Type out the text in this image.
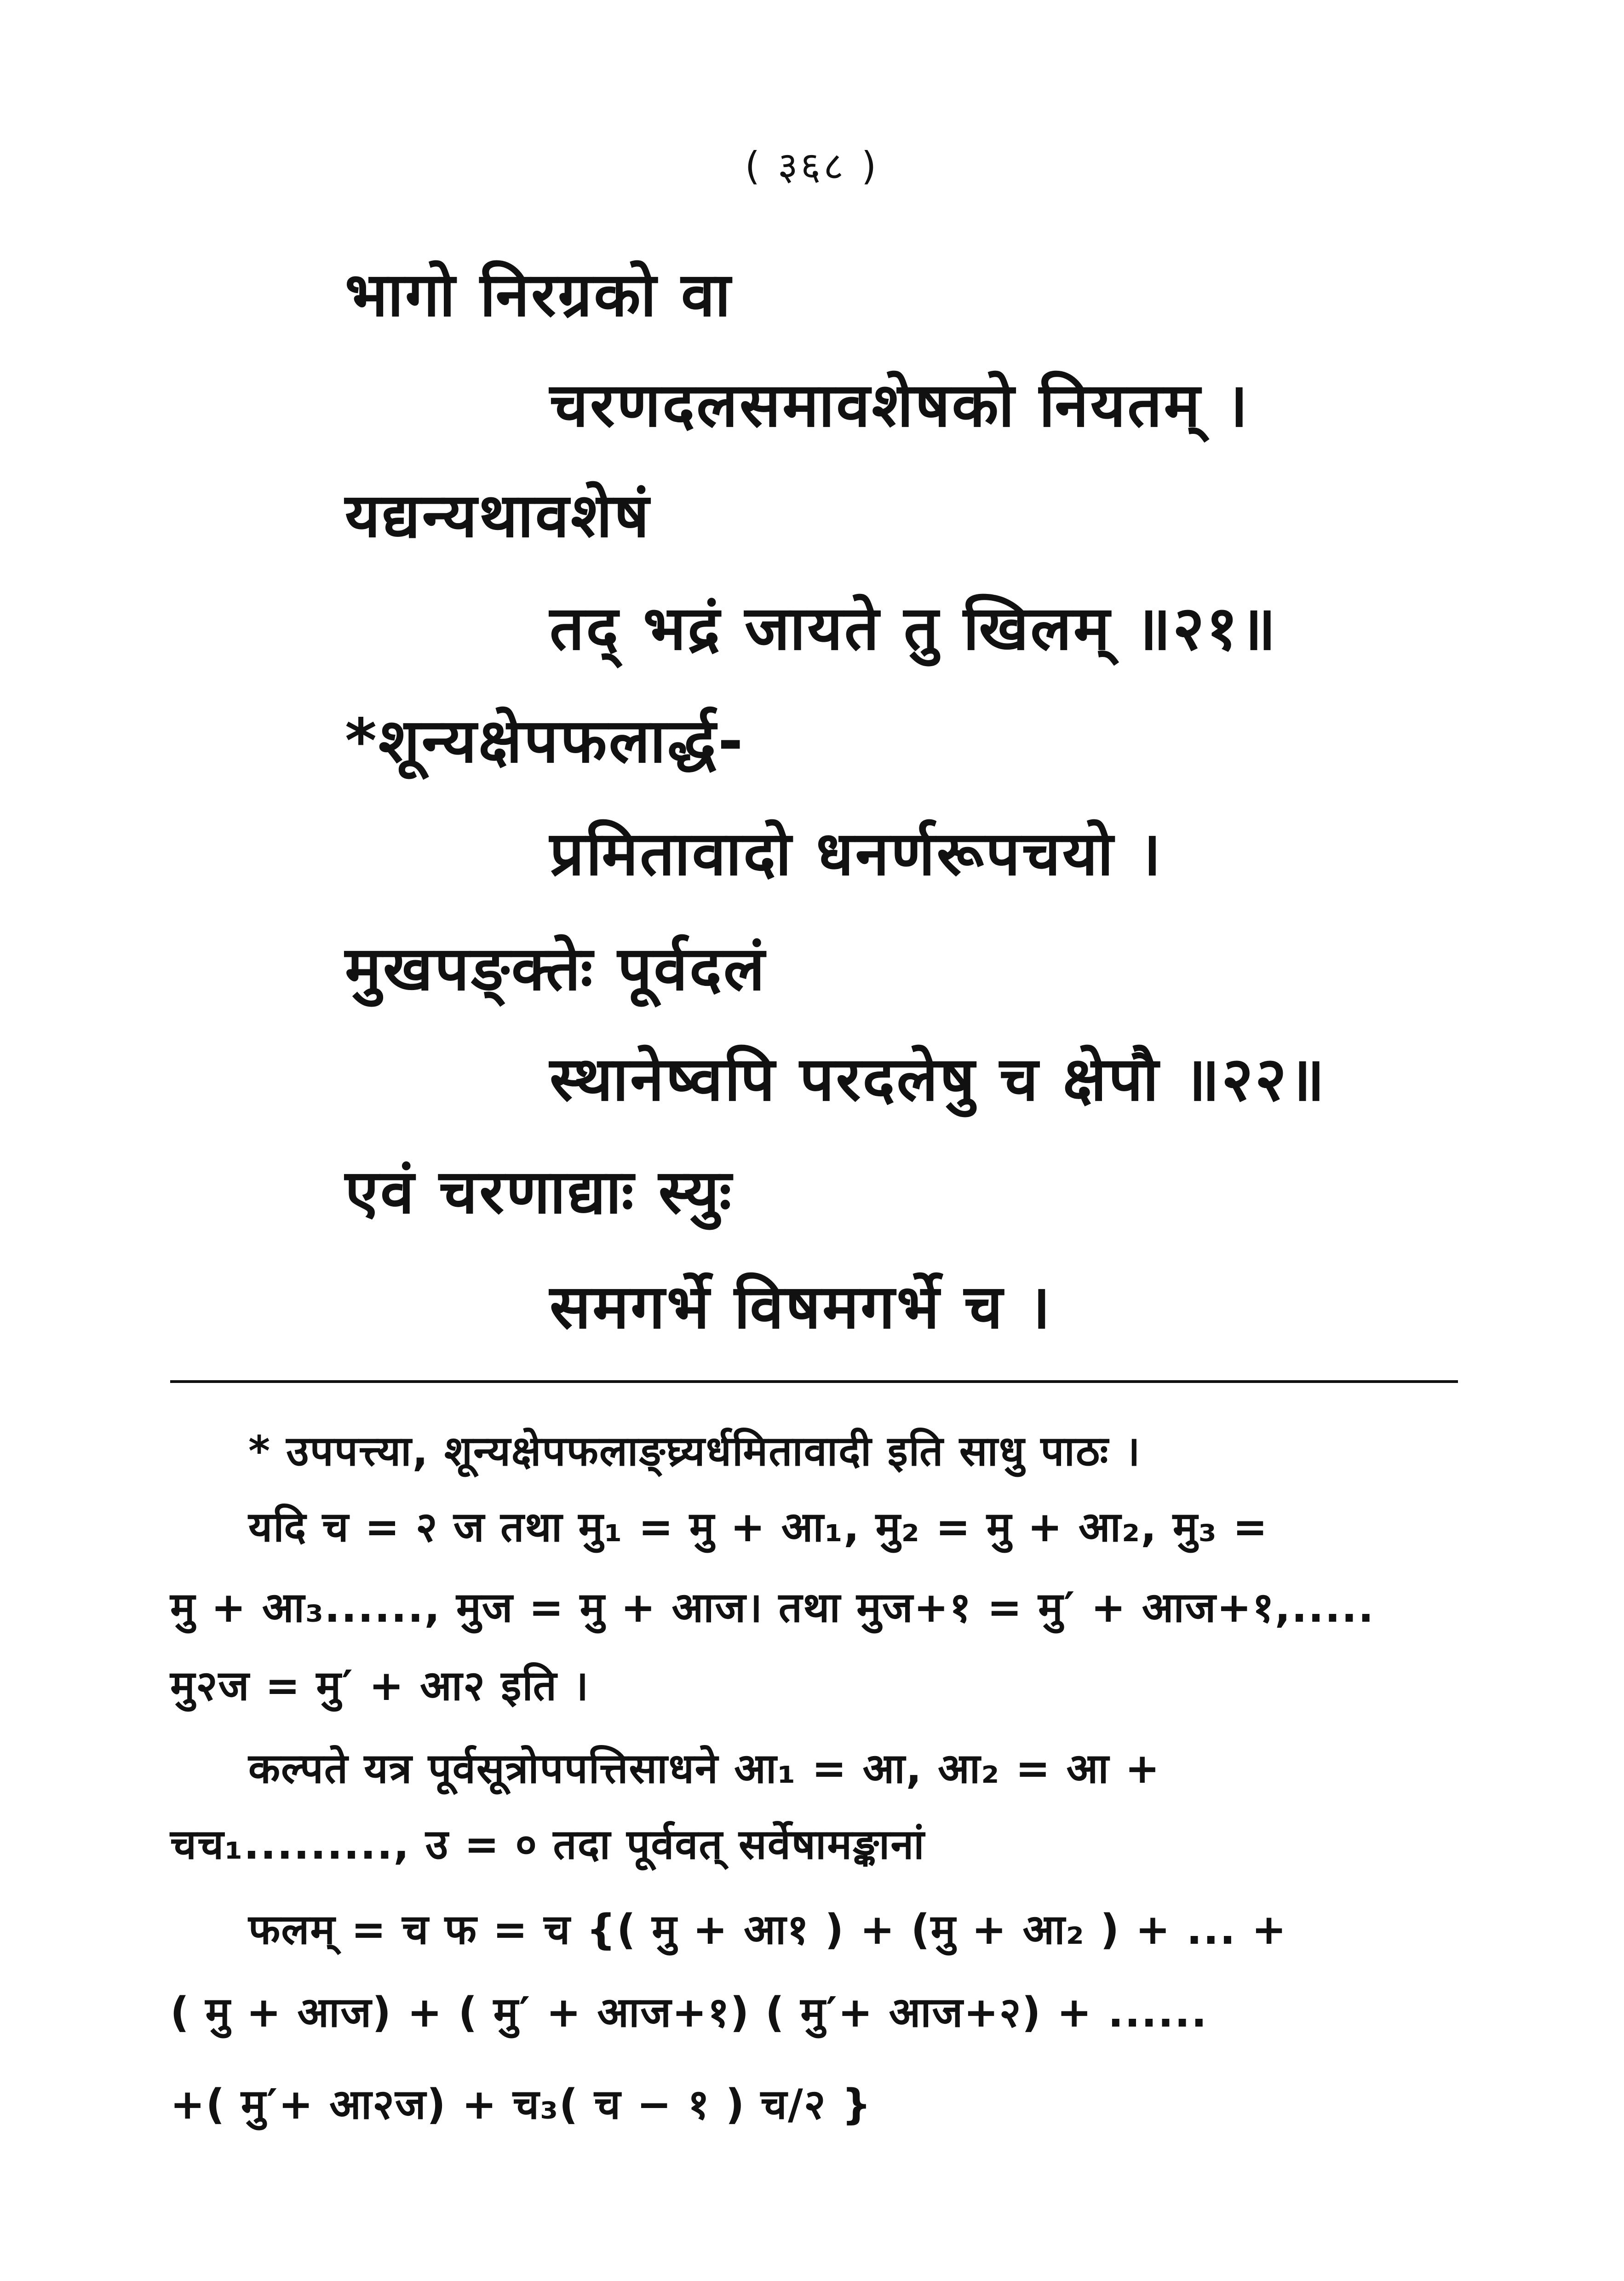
( ३६८ )
भागो निरग्रको वा
चरणदलसमावशेषको नियतम् ।
यद्यन्यथावशेषं
तद् भद्रं जायते तु खिलम् ॥२१॥
*शून्यक्षेपफलार्द्ध-
प्रमितावादो धनर्णरूपचयो ।
मुखपङ्क्तेः पूर्वदलं
स्थानेष्वपि परदलेषु च क्षेपौ ॥२२॥
एवं चरणाद्याः स्युः
समगर्भे विषमगर्भे च ।
* उपपत्त्या, शून्यक्षेपफलाङ्घ्र्यर्धमितावादी इति साधु पाठः ।
यदि च = २ ज तथा मु₁ = मु + आ₁, मु₂ = मु + आ₂, मु₃ =
मु + आ₃......, मुज = मु + आज। तथा मुज+१ = मु′ + आज+१,.....
मु२ज = मु′ + आ२ इति ।
कल्पते यत्र पूर्वसूत्रोपपत्तिसाधने आ₁ = आ, आ₂ = आ +
चच₁........., उ = ० तदा पूर्ववत् सर्वेषामङ्कानां
फलम् = च फ = च {( मु + आ१ ) + (मु + आ₂ ) + ... +
( मु + आज) + ( मु′ + आज+१) ( मु′+ आज+२) + ......
+( मु′+ आ२ज) + च₃( च − १ ) च/२ }
